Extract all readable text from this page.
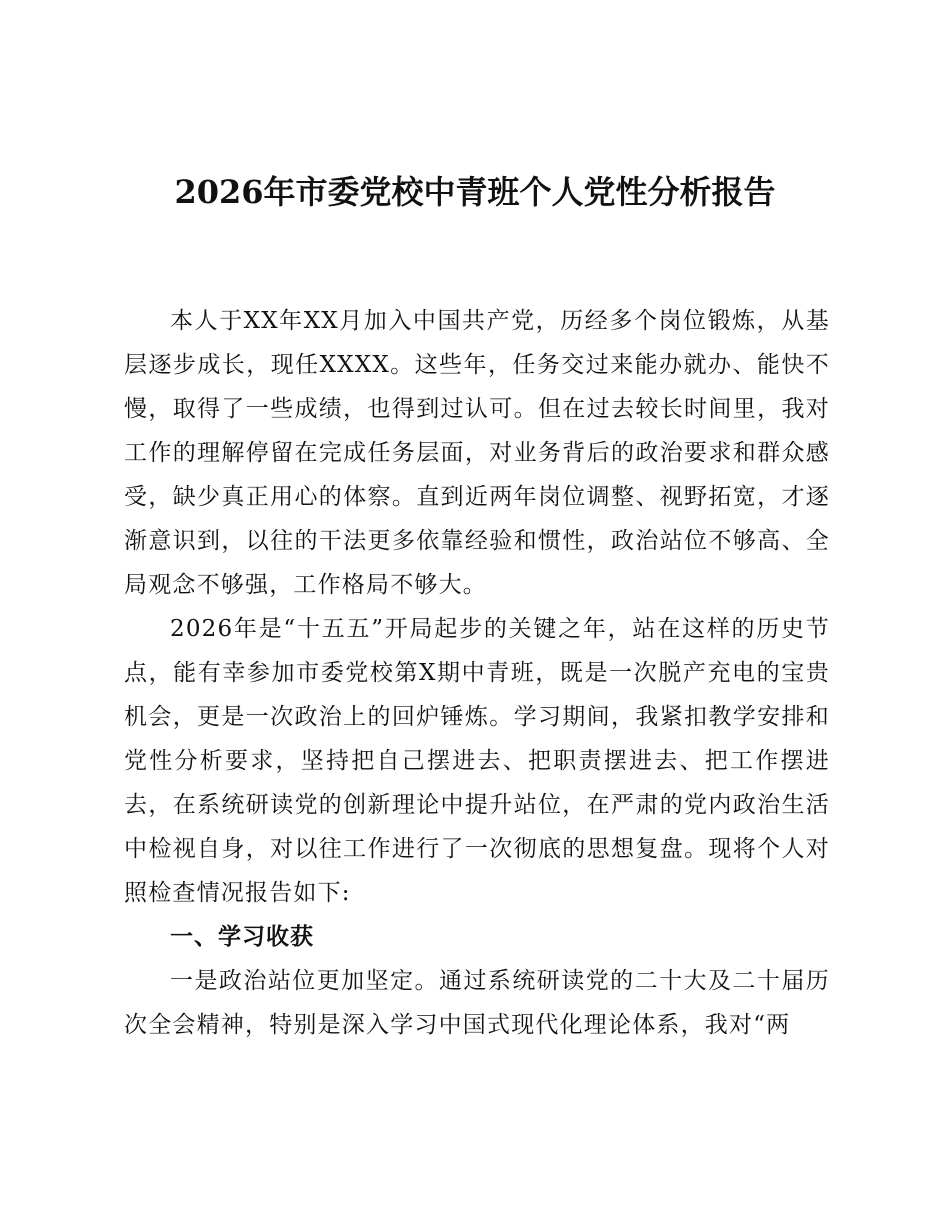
2026年市委党校中青班个人党性分析报告

本人于XX年XX月加入中国共产党，历经多个岗位锻炼，从基层逐步成长，现任XXXX。这些年，任务交过来能办就办、能快不慢，取得了一些成绩，也得到过认可。但在过去较长时间里，我对工作的理解停留在完成任务层面，对业务背后的政治要求和群众感受，缺少真正用心的体察。直到近两年岗位调整、视野拓宽，才逐渐意识到，以往的干法更多依靠经验和惯性，政治站位不够高、全局观念不够强，工作格局不够大。

2026年是“十五五”开局起步的关键之年，站在这样的历史节点，能有幸参加市委党校第X期中青班，既是一次脱产充电的宝贵机会，更是一次政治上的回炉锤炼。学习期间，我紧扣教学安排和党性分析要求，坚持把自己摆进去、把职责摆进去、把工作摆进去，在系统研读党的创新理论中提升站位，在严肃的党内政治生活中检视自身，对以往工作进行了一次彻底的思想复盘。现将个人对照检查情况报告如下:

一、学习收获

一是政治站位更加坚定。通过系统研读党的二十大及二十届历次全会精神，特别是深入学习中国式现代化理论体系，我对“两
